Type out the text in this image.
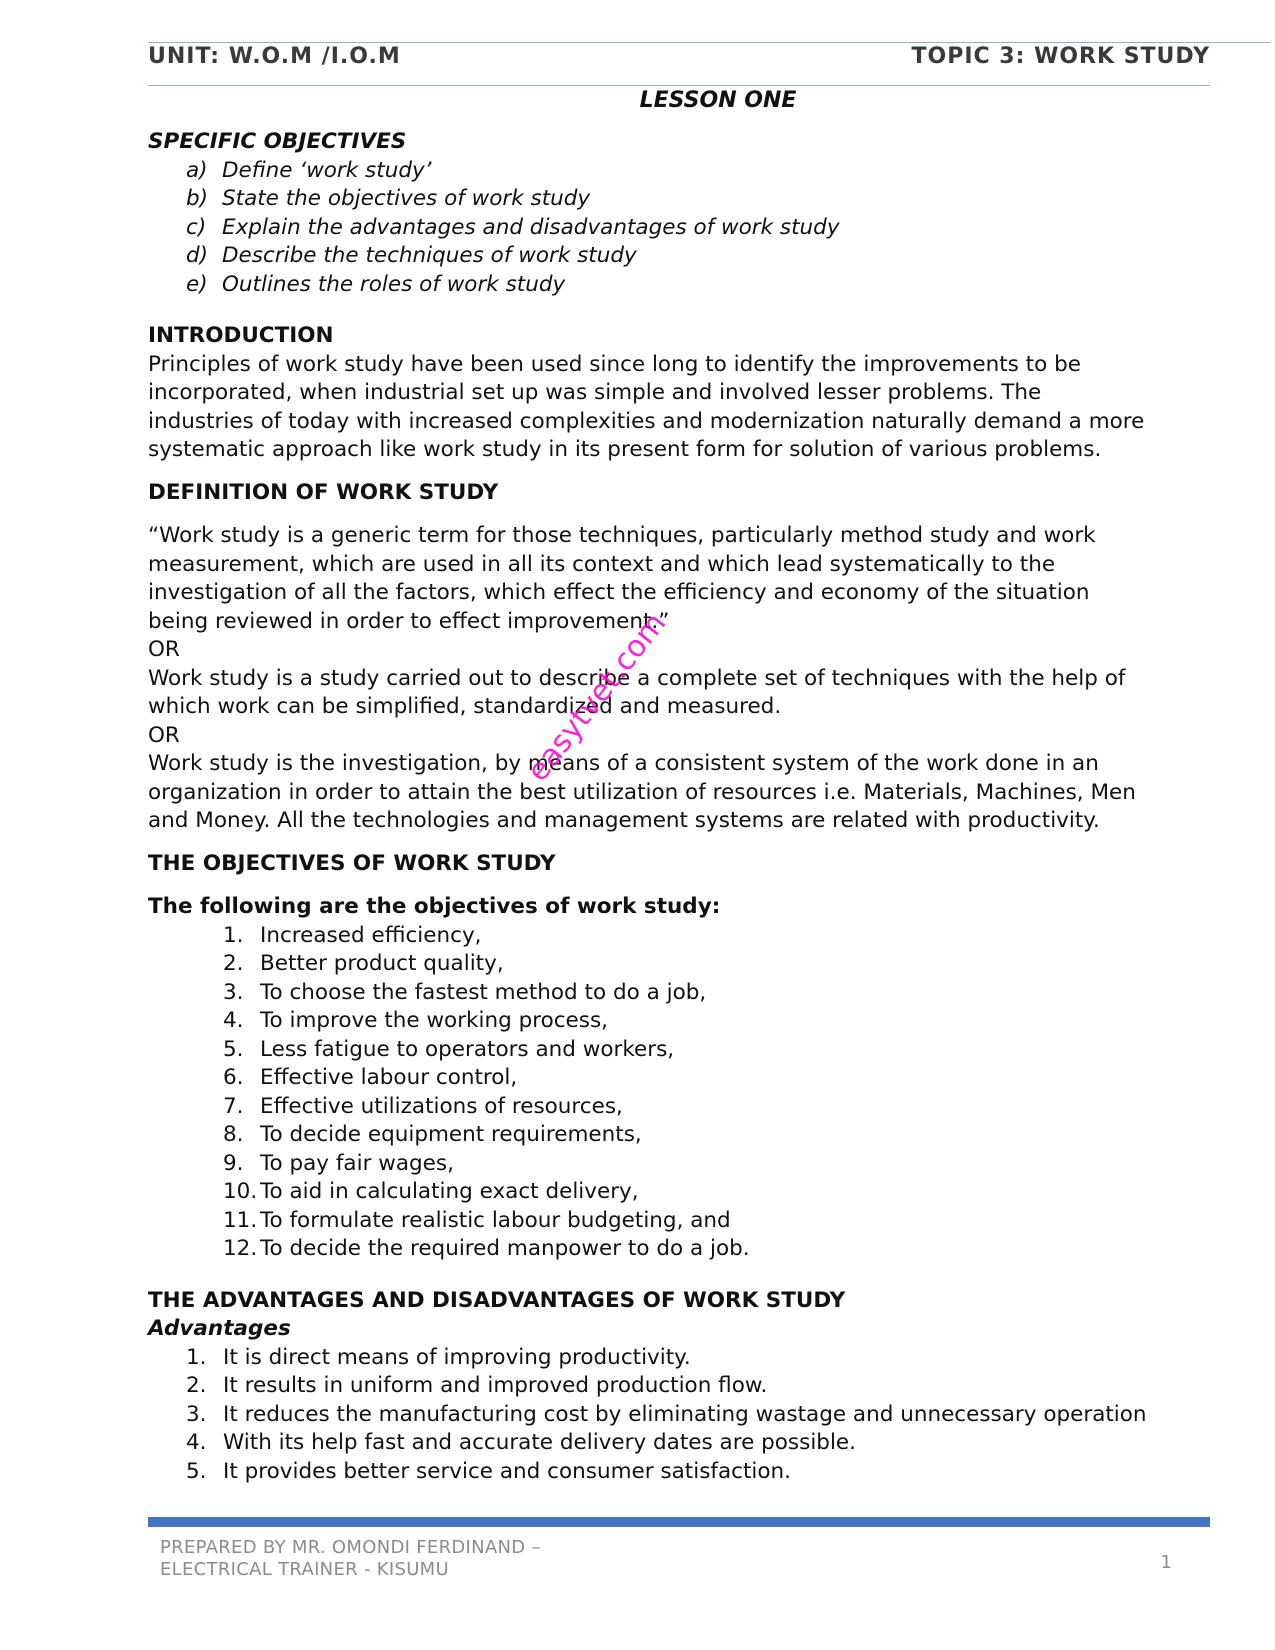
UNIT: W.O.M /I.O.M	TOPIC 3: WORK STUDY
LESSON ONE
SPECIFIC OBJECTIVES
a) Define ‘work study’
b) State the objectives of work study
c) Explain the advantages and disadvantages of work study
d) Describe the techniques of work study
e) Outlines the roles of work study
INTRODUCTION
Principles of work study have been used since long to identify the improvements to be
incorporated, when industrial set up was simple and involved lesser problems. The
industries of today with increased complexities and modernization naturally demand a more
systematic approach like work study in its present form for solution of various problems.
DEFINITION OF WORK STUDY
“Work study is a generic term for those techniques, particularly method study and work
measurement, which are used in all its context and which lead systematically to the
investigation of all the factors, which effect the efficiency and economy of the situation
being reviewed in order to effect improvement.”
OR
Work study is a study carried out to describe a complete set of techniques with the help of
which work can be simplified, standardized and measured.
OR
Work study is the investigation, by means of a consistent system of the work done in an
organization in order to attain the best utilization of resources i.e. Materials, Machines, Men
and Money. All the technologies and management systems are related with productivity.
THE OBJECTIVES OF WORK STUDY
The following are the objectives of work study:
1. Increased efficiency,
2. Better product quality,
3. To choose the fastest method to do a job,
4. To improve the working process,
5. Less fatigue to operators and workers,
6. Effective labour control,
7. Effective utilizations of resources,
8. To decide equipment requirements,
9. To pay fair wages,
10. To aid in calculating exact delivery,
11. To formulate realistic labour budgeting, and
12. To decide the required manpower to do a job.
THE ADVANTAGES AND DISADVANTAGES OF WORK STUDY
Advantages
1. It is direct means of improving productivity.
2. It results in uniform and improved production flow.
3. It reduces the manufacturing cost by eliminating wastage and unnecessary operation
4. With its help fast and accurate delivery dates are possible.
5. It provides better service and consumer satisfaction.
easytvet.com
PREPARED BY MR. OMONDI FERDINAND –
ELECTRICAL TRAINER - KISUMU	1
